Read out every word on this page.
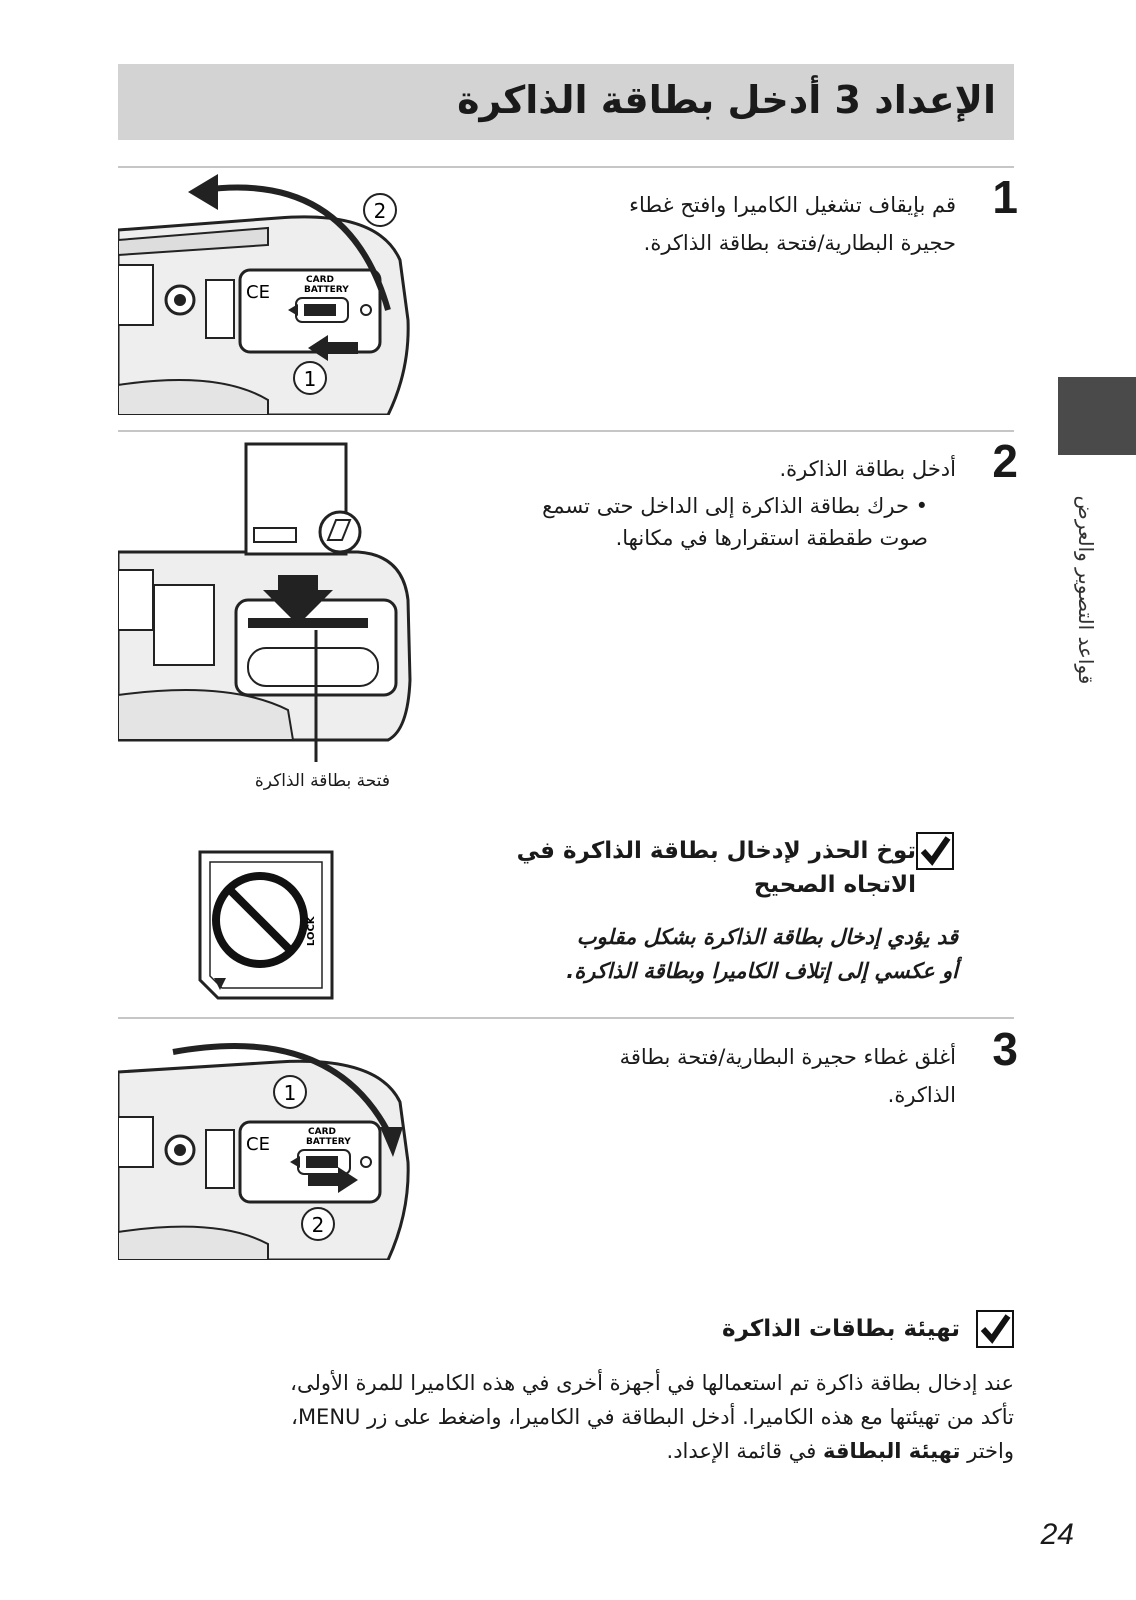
الإعداد 3 أدخل بطاقة الذاكرة
قواعد التصوير والعرض
1
قم بإيقاف تشغيل الكاميرا وافتح غطاء
حجيرة البطارية/فتحة بطاقة الذاكرة.
CE
CARD
BATTERY
2
1
2
أدخل بطاقة الذاكرة.
• حرك بطاقة الذاكرة إلى الداخل حتى تسمع
صوت طقطقة استقرارها في مكانها.
فتحة بطاقة الذاكرة
توخ الحذر لإدخال بطاقة الذاكرة في
الاتجاه الصحيح
قد يؤدي إدخال بطاقة الذاكرة بشكل مقلوب
أو عكسي إلى إتلاف الكاميرا وبطاقة الذاكرة.
LOCK
3
أغلق غطاء حجيرة البطارية/فتحة بطاقة
الذاكرة.
CE
CARD
BATTERY
1
2
تهيئة بطاقات الذاكرة
عند إدخال بطاقة ذاكرة تم استعمالها في أجهزة أخرى في هذه الكاميرا للمرة الأولى،
تأكد من تهيئتها مع هذه الكاميرا. أدخل البطاقة في الكاميرا، واضغط على زر MENU،
واختر تهيئة البطاقة في قائمة الإعداد.
24
